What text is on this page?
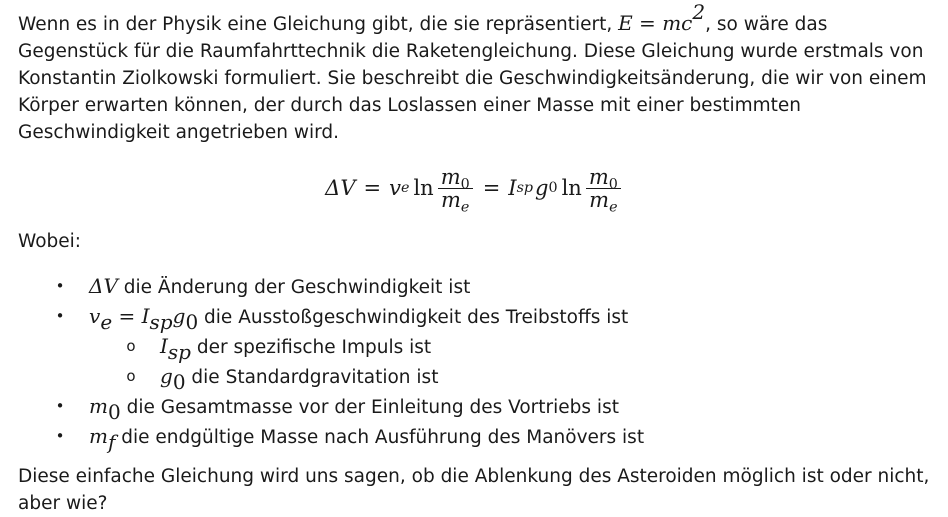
Wenn es in der Physik eine Gleichung gibt, die sie repräsentiert, $E = mc^2$, so wäre das Gegenstück für die Raumfahrttechnik die Raketengleichung. Diese Gleichung wurde erstmals von Konstantin Ziolkowski formuliert. Sie beschreibt die Geschwindigkeitsänderung, die wir von einem Körper erwarten können, der durch das Loslassen einer Masse mit einer bestimmten Geschwindigkeit angetrieben wird.

ΔV = v e $\ln \frac{m_0}{m_e} = I$ sp g 0 $\ln \frac{m_0}{m_e}$
Wobei:
• ΔV die Änderung der Geschwindigkeit ist
• $v_e = I_{sp}g_0$ die Ausstoßgeschwindigkeit des Treibstoffs ist
o $I_{sp}$ der spezifische Impuls ist
o $g_0$ die Standardgravitation ist
• $m_0$ die Gesamtmasse vor der Einleitung des Vortriebs ist
• $m_f$ die endgültige Masse nach Ausführung des Manövers ist

Diese einfache Gleichung wird uns sagen, ob die Ablenkung des Asteroiden möglich ist oder nicht, aber wie?
